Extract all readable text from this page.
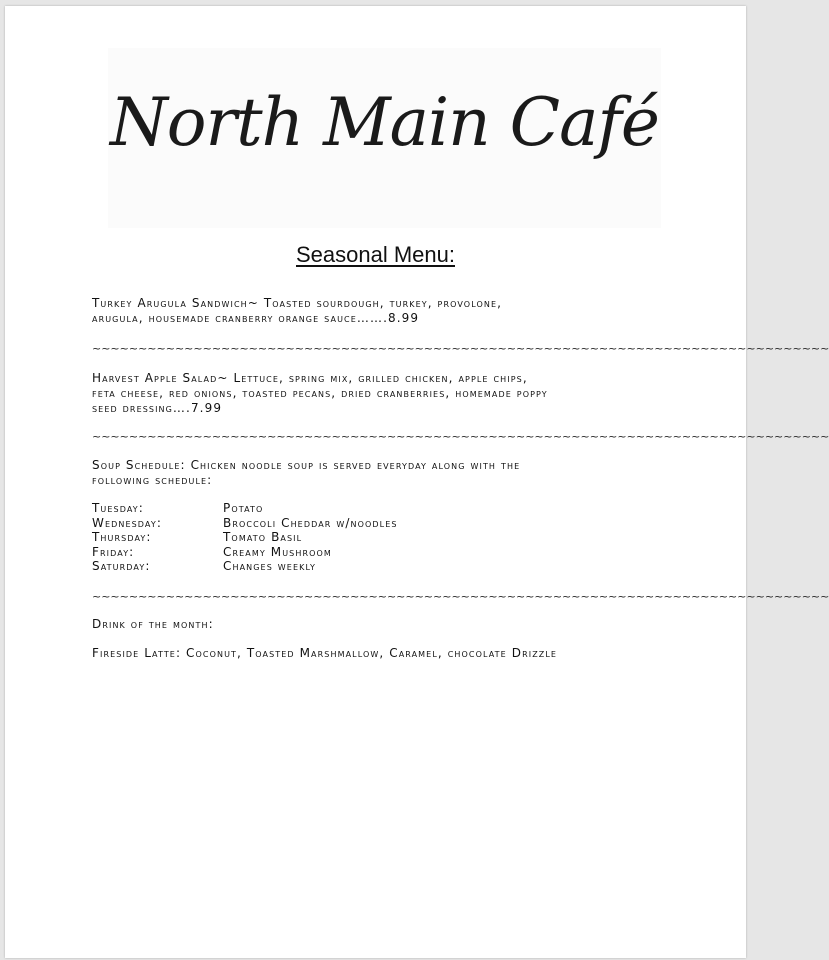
North Main Café
Seasonal Menu:
Turkey Arugula Sandwich~ Toasted sourdough, turkey, provolone,
arugula, housemade cranberry orange sauce…….8.99
~~~~~~~~~~~~~~~~~~~~~~~~~~~~~~~~~~~~~~~~~~~~~~~~~~~~~~~~~~~~~~~~~~~~~~~~~~~~~~~~
Harvest Apple Salad~ Lettuce, spring mix, grilled chicken, apple chips,
feta cheese, red onions, toasted pecans, dried cranberries, homemade poppy
seed dressing….7.99
~~~~~~~~~~~~~~~~~~~~~~~~~~~~~~~~~~~~~~~~~~~~~~~~~~~~~~~~~~~~~~~~~~~~~~~~~~~~~~~~
Soup Schedule: Chicken noodle soup is served everyday along with the
following schedule:
Tuesday:	Potato
Wednesday:	Broccoli Cheddar w/noodles
Thursday:	Tomato Basil
Friday:	Creamy Mushroom
Saturday:	Changes weekly
~~~~~~~~~~~~~~~~~~~~~~~~~~~~~~~~~~~~~~~~~~~~~~~~~~~~~~~~~~~~~~~~~~~~~~~~~~~~~~~~
Drink of the month:
Fireside Latte: Coconut, Toasted Marshmallow, Caramel, chocolate Drizzle
